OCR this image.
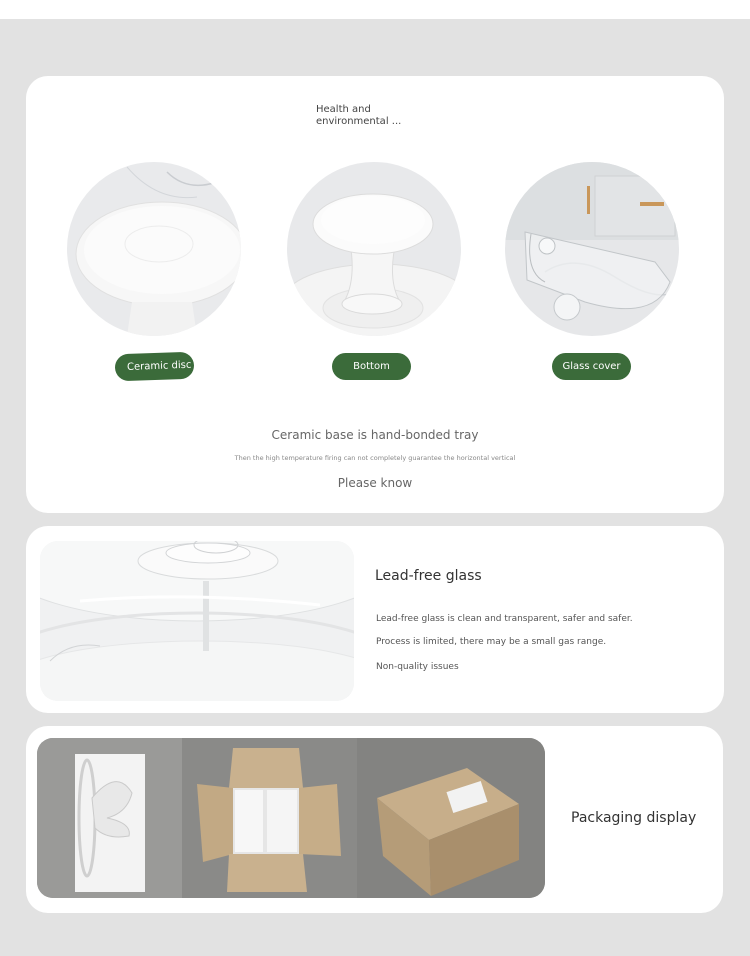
Health and environmental ...
Ceramic disc	Bottom	Glass cover
Ceramic base is hand-bonded tray
Then the high temperature firing can not completely guarantee the horizontal vertical
Please know
Lead-free glass
Lead-free glass is clean and transparent, safer and safer.
Process is limited, there may be a small gas range.
Non-quality issues
Packaging display
